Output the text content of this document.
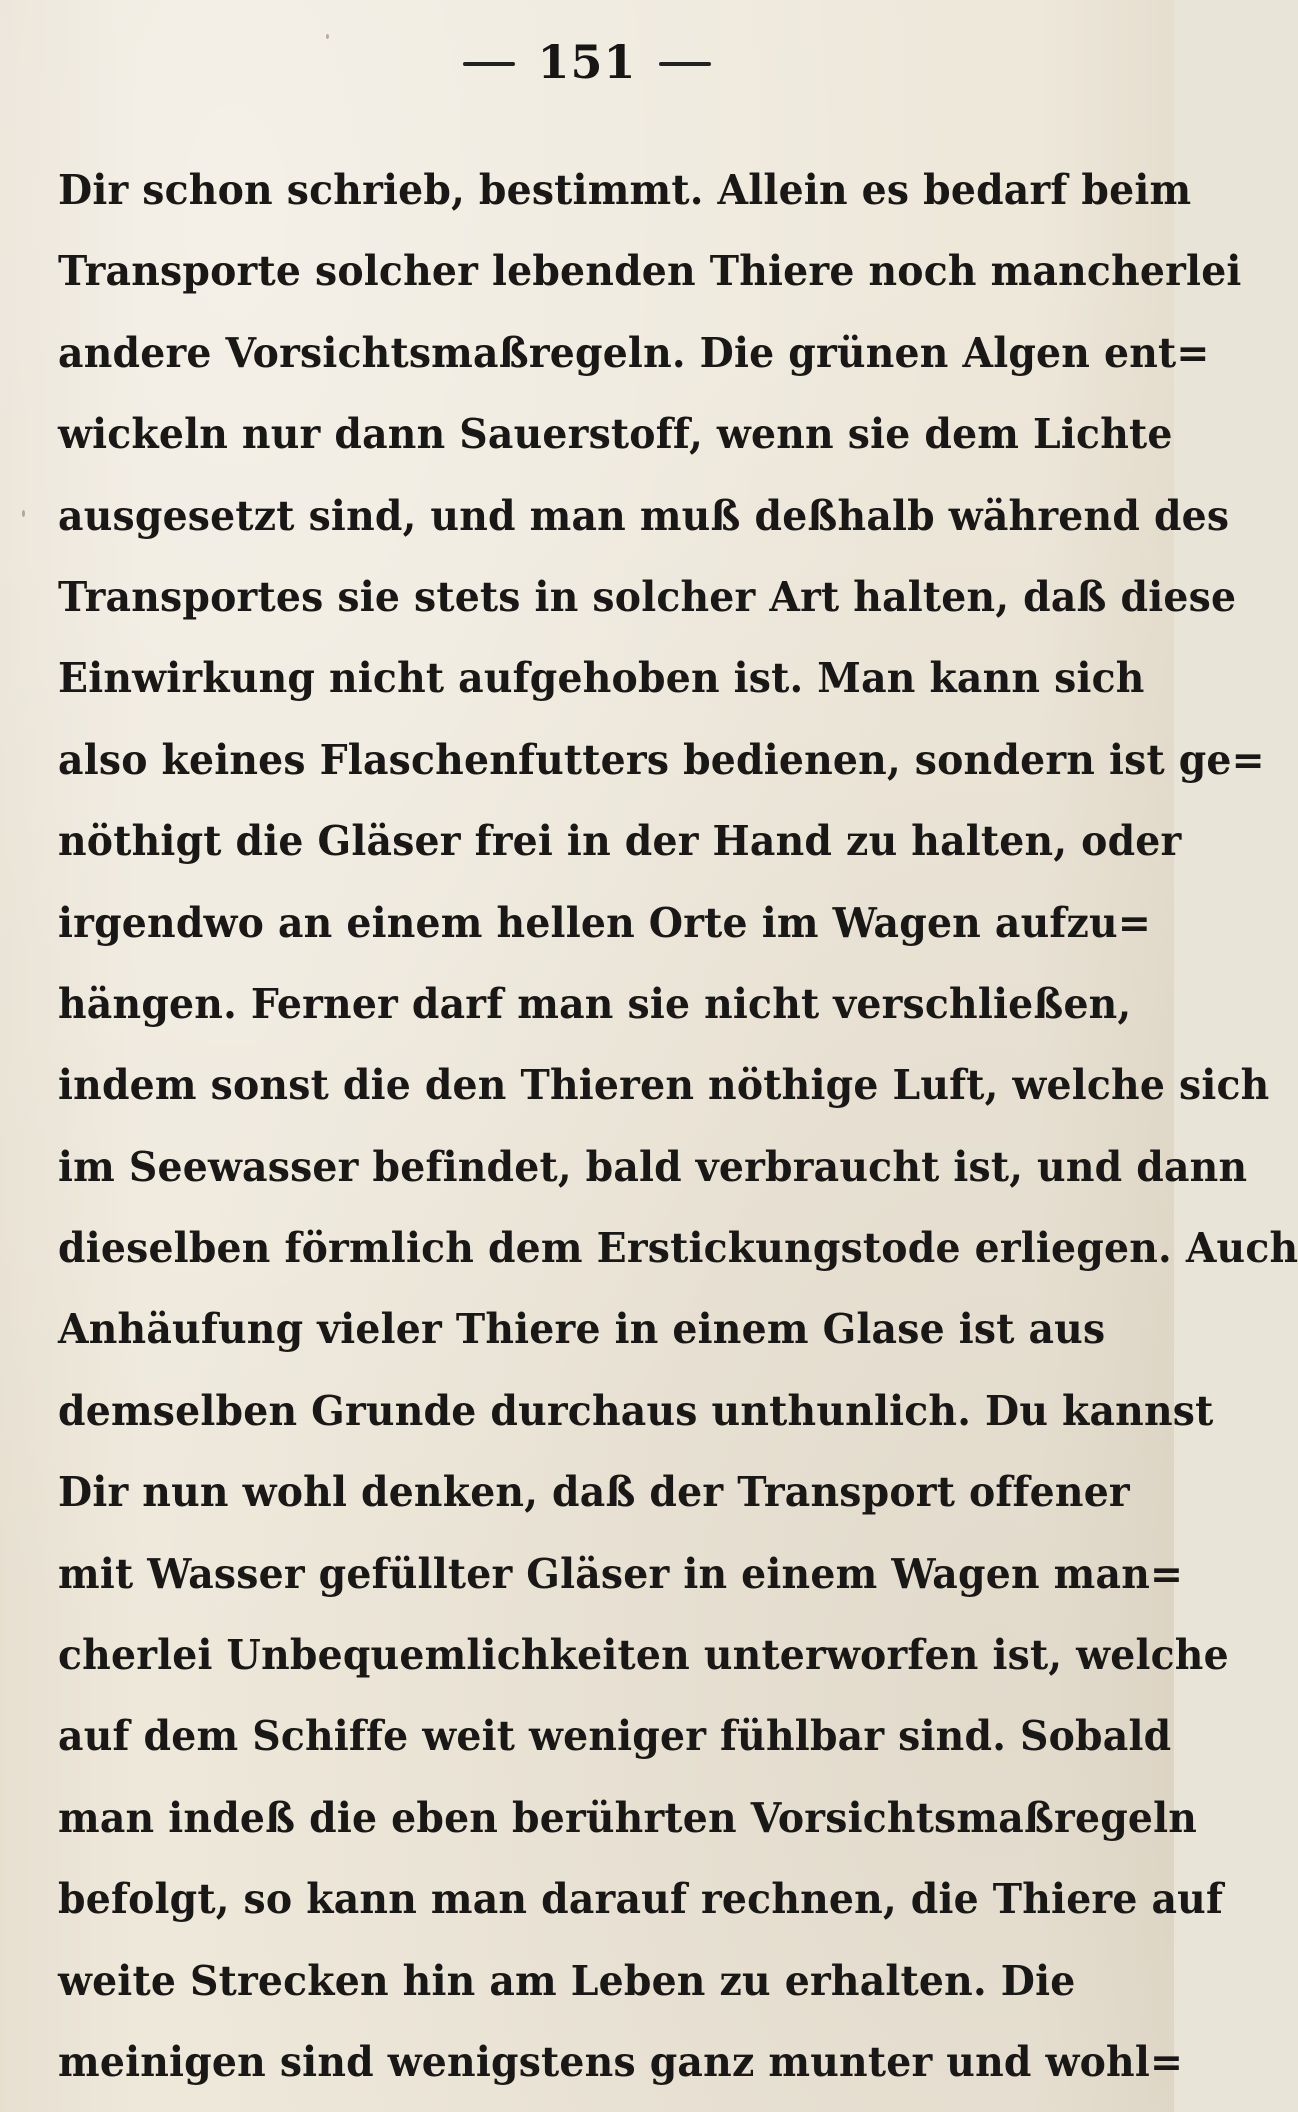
151
Dir schon schrieb, bestimmt. Allein es bedarf beim
Transporte solcher lebenden Thiere noch mancherlei
andere Vorsichtsmaßregeln. Die grünen Algen ent=
wickeln nur dann Sauerstoff, wenn sie dem Lichte
ausgesetzt sind, und man muß deßhalb während des
Transportes sie stets in solcher Art halten, daß diese
Einwirkung nicht aufgehoben ist. Man kann sich
also keines Flaschenfutters bedienen, sondern ist ge=
nöthigt die Gläser frei in der Hand zu halten, oder
irgendwo an einem hellen Orte im Wagen aufzu=
hängen. Ferner darf man sie nicht verschließen,
indem sonst die den Thieren nöthige Luft, welche sich
im Seewasser befindet, bald verbraucht ist, und dann
dieselben förmlich dem Erstickungstode erliegen. Auch
Anhäufung vieler Thiere in einem Glase ist aus
demselben Grunde durchaus unthunlich. Du kannst
Dir nun wohl denken, daß der Transport offener
mit Wasser gefüllter Gläser in einem Wagen man=
cherlei Unbequemlichkeiten unterworfen ist, welche
auf dem Schiffe weit weniger fühlbar sind. Sobald
man indeß die eben berührten Vorsichtsmaßregeln
befolgt, so kann man darauf rechnen, die Thiere auf
weite Strecken hin am Leben zu erhalten. Die
meinigen sind wenigstens ganz munter und wohl=
